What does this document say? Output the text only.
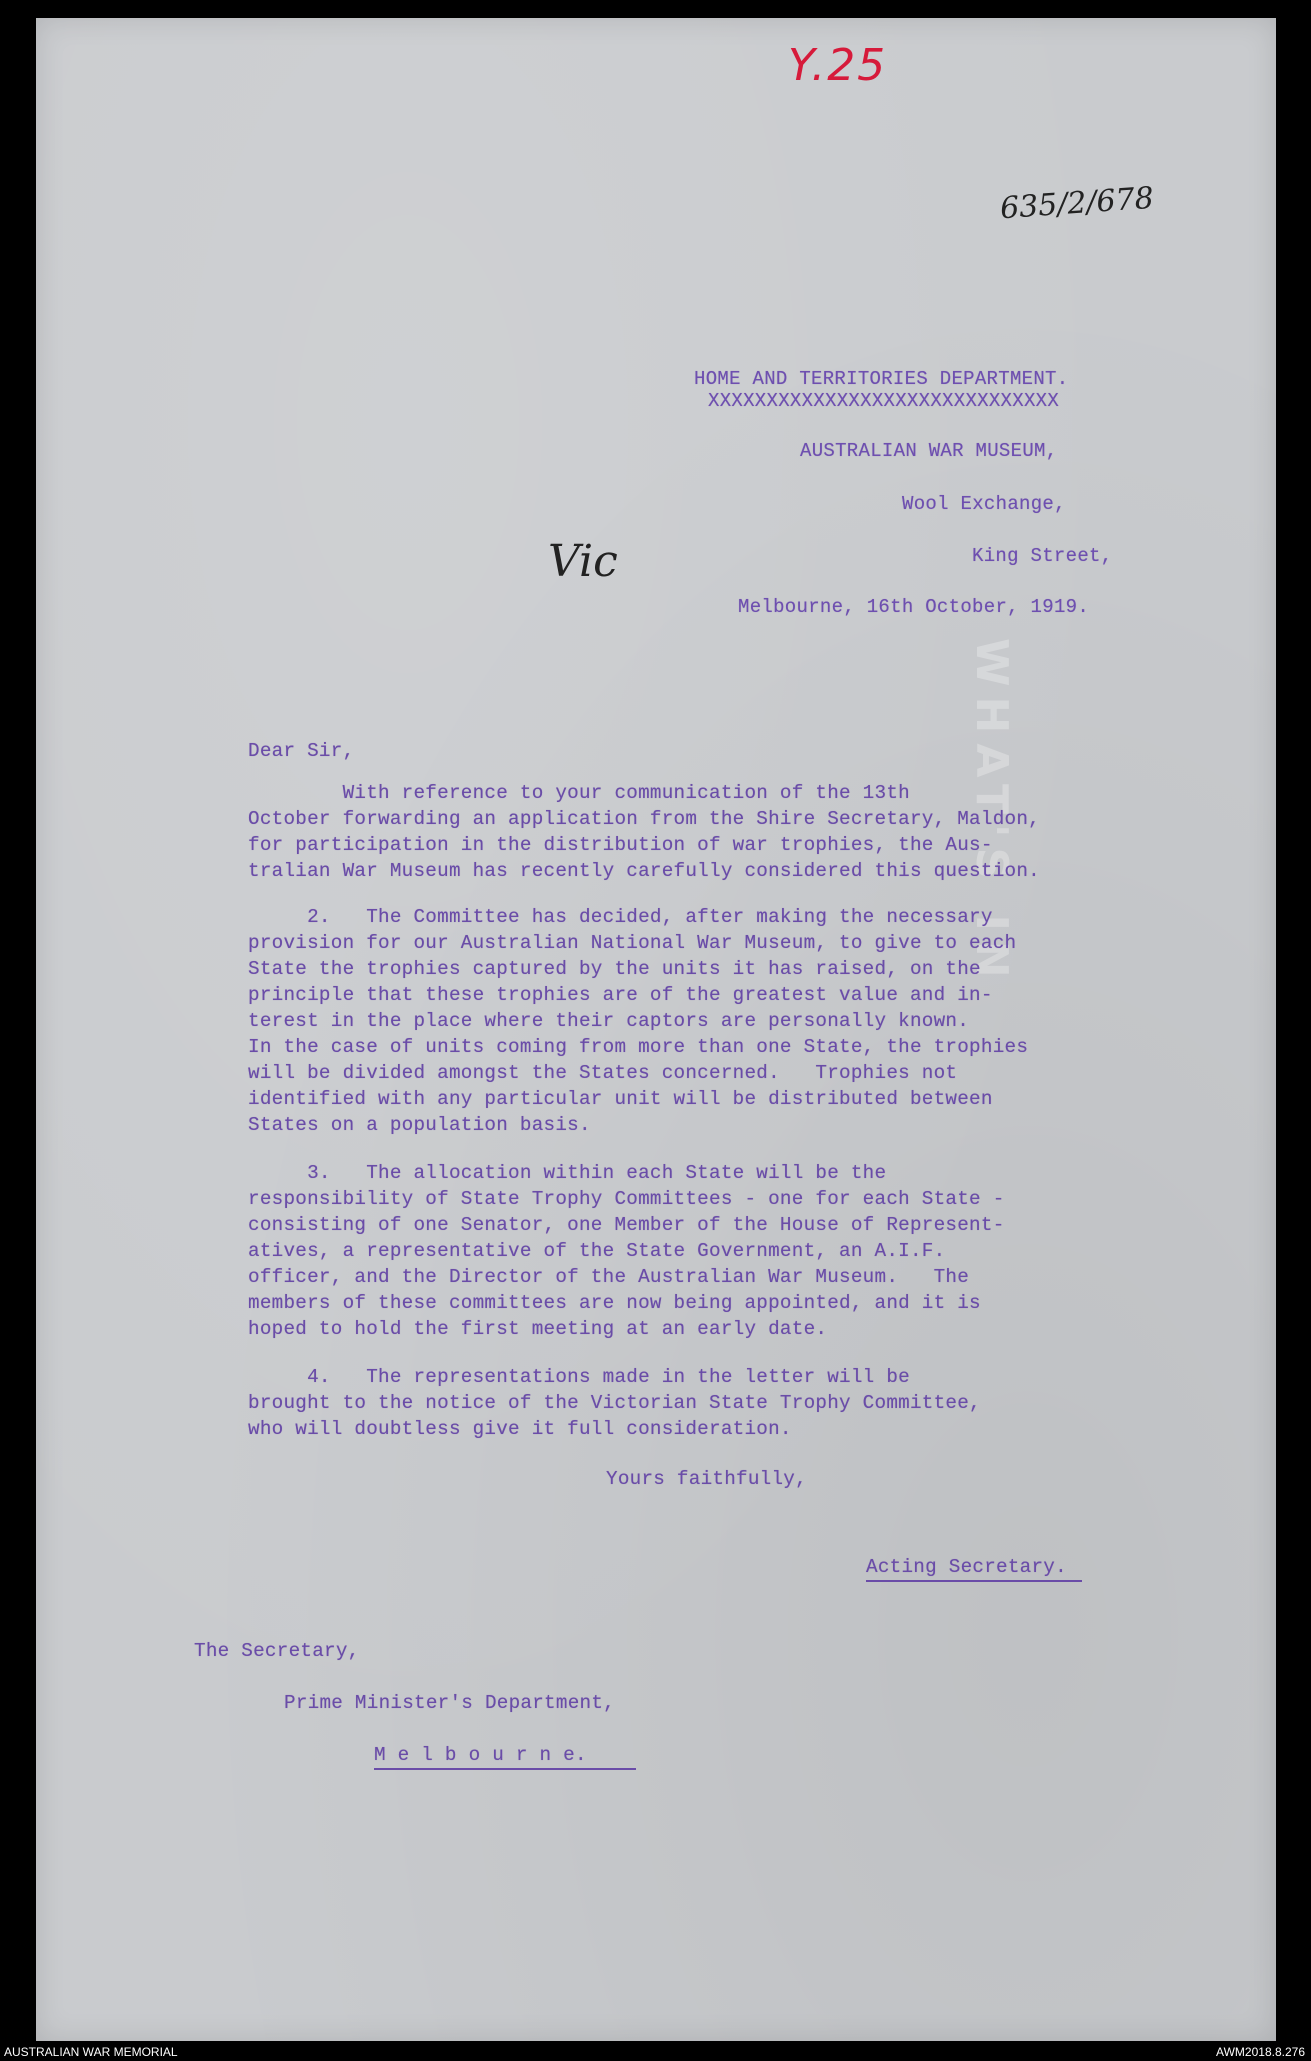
Y.25
635/2/678
Vic
WHAT'S IN
HOME AND TERRITORIES DEPARTMENT.
XXXXXXXXXXXXXXXXXXXXXXXXXXXXXX
AUSTRALIAN WAR MUSEUM,
Wool Exchange,
King Street,
Melbourne, 16th October, 1919.
Dear Sir,
With reference to your communication of the 13th
October forwarding an application from the Shire Secretary, Maldon,
for participation in the distribution of war trophies, the Aus-
tralian War Museum has recently carefully considered this question.
2.   The Committee has decided, after making the necessary
provision for our Australian National War Museum, to give to each
State the trophies captured by the units it has raised, on the
principle that these trophies are of the greatest value and in-
terest in the place where their captors are personally known.
In the case of units coming from more than one State, the trophies
will be divided amongst the States concerned.   Trophies not
identified with any particular unit will be distributed between
States on a population basis.
3.   The allocation within each State will be the
responsibility of State Trophy Committees - one for each State -
consisting of one Senator, one Member of the House of Represent-
atives, a representative of the State Government, an A.I.F.
officer, and the Director of the Australian War Museum.   The
members of these committees are now being appointed, and it is
hoped to hold the first meeting at an early date.
4.   The representations made in the letter will be
brought to the notice of the Victorian State Trophy Committee,
who will doubtless give it full consideration.
Yours faithfully,
Acting Secretary.
The Secretary,
Prime Minister's Department,
M e l b o u r n e.
AUSTRALIAN WAR MEMORIAL	AWM2018.8.276
